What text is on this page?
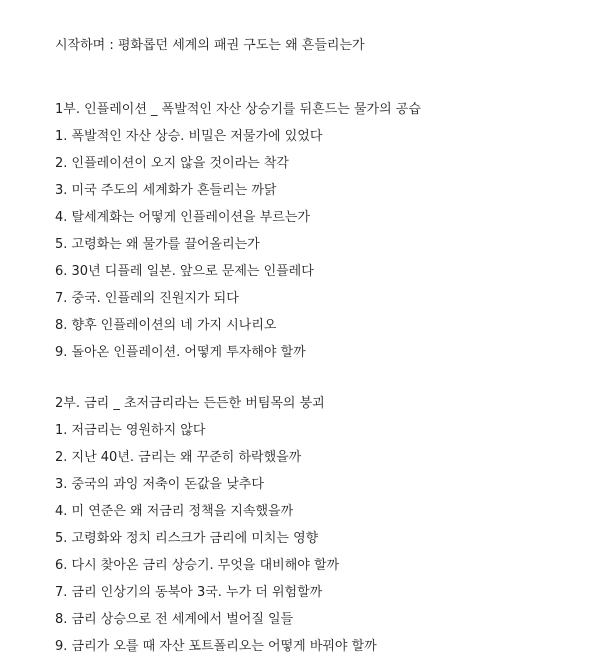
시작하며 : 평화롭던 세계의 패권 구도는 왜 흔들리는가
1부. 인플레이션 _ 폭발적인 자산 상승기를 뒤흔드는 물가의 공습
1. 폭발적인 자산 상승. 비밀은 저물가에 있었다
2. 인플레이션이 오지 않을 것이라는 착각
3. 미국 주도의 세계화가 흔들리는 까닭
4. 탈세계화는 어떻게 인플레이션을 부르는가
5. 고령화는 왜 물가를 끌어올리는가
6. 30년 디플레 일본. 앞으로 문제는 인플레다
7. 중국. 인플레의 진원지가 되다
8. 향후 인플레이션의 네 가지 시나리오
9. 돌아온 인플레이션. 어떻게 투자해야 할까
2부. 금리 _ 초저금리라는 든든한 버팀목의 붕괴
1. 저금리는 영원하지 않다
2. 지난 40년. 금리는 왜 꾸준히 하락했을까
3. 중국의 과잉 저축이 돈값을 낮추다
4. 미 연준은 왜 저금리 정책을 지속했을까
5. 고령화와 정치 리스크가 금리에 미치는 영향
6. 다시 찾아온 금리 상승기. 무엇을 대비해야 할까
7. 금리 인상기의 동북아 3국. 누가 더 위험할까
8. 금리 상승으로 전 세계에서 벌어질 일들
9. 금리가 오를 때 자산 포트폴리오는 어떻게 바꿔야 할까
